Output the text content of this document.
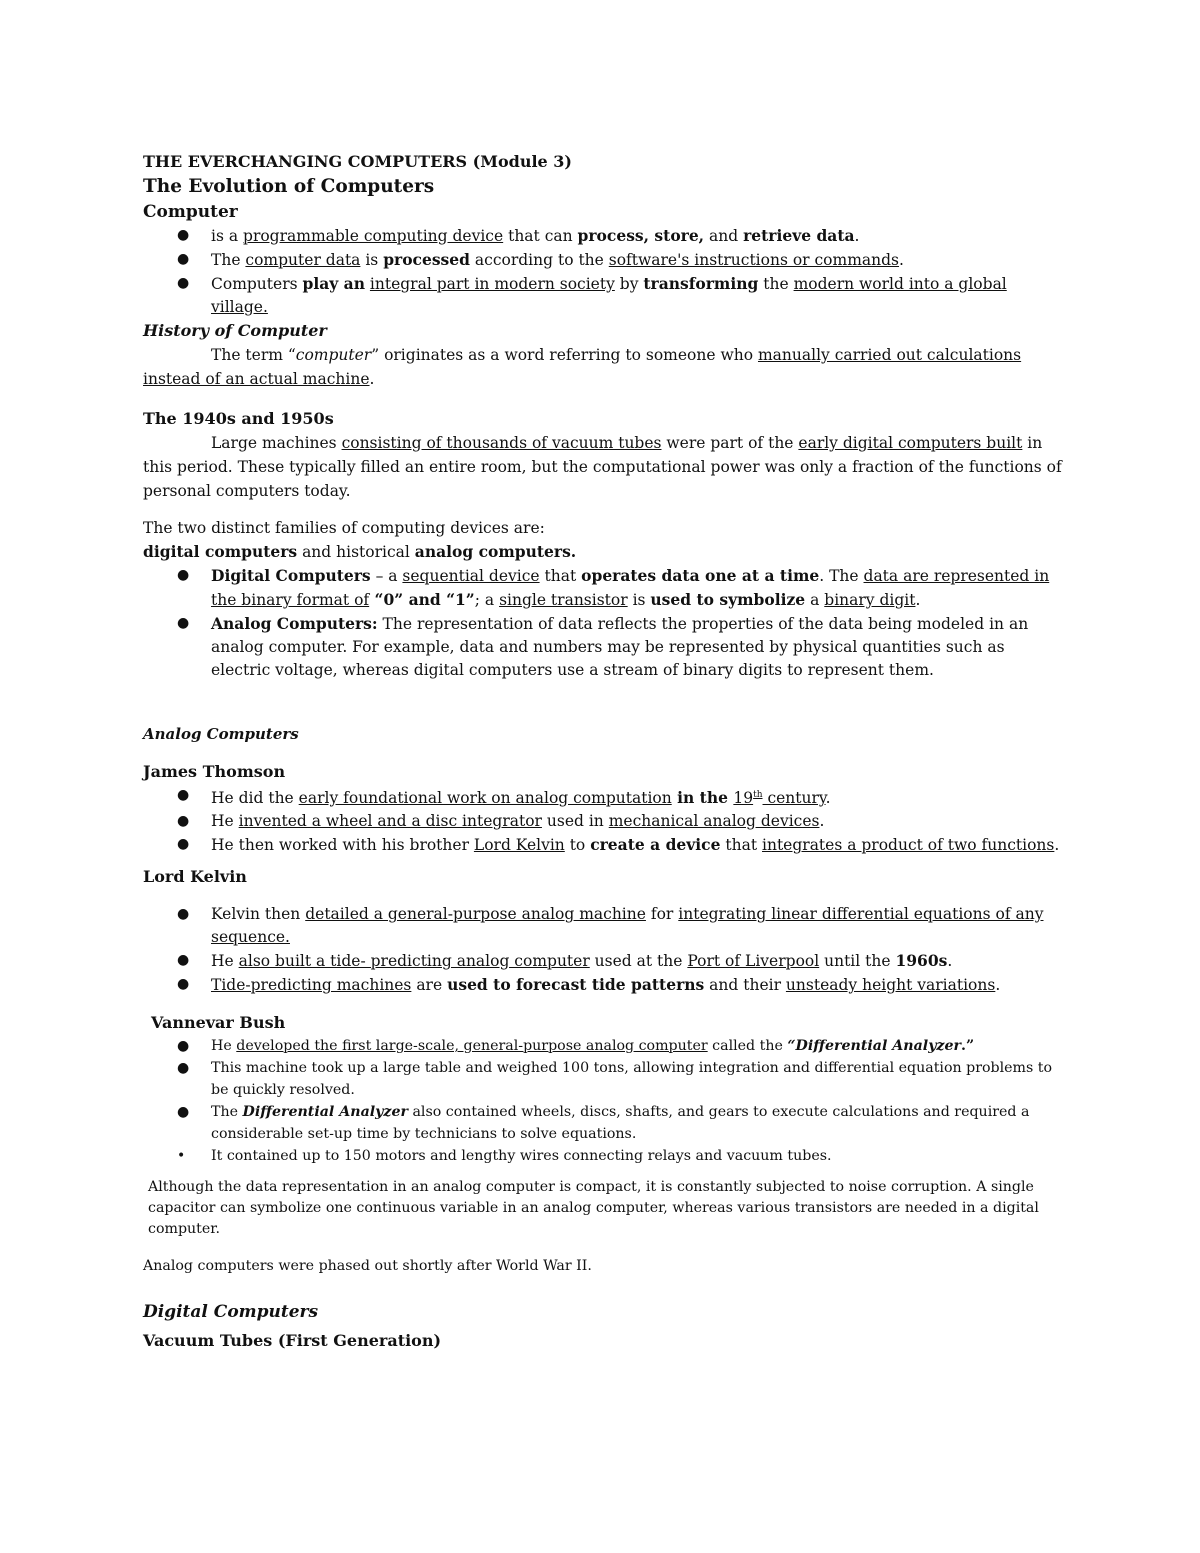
THE EVERCHANGING COMPUTERS (Module 3)
The Evolution of Computers
Computer
● is a programmable computing device that can process, store, and retrieve data.
● The computer data is processed according to the software's instructions or commands.
● Computers play an integral part in modern society by transforming the modern world into a global village.
History of Computer
The term “computer” originates as a word referring to someone who manually carried out calculations instead of an actual machine.
The 1940s and 1950s
Large machines consisting of thousands of vacuum tubes were part of the early digital computers built in this period. These typically filled an entire room, but the computational power was only a fraction of the functions of personal computers today.
The two distinct families of computing devices are:
digital computers and historical analog computers.
● Digital Computers – a sequential device that operates data one at a time. The data are represented in the binary format of “0” and “1”; a single transistor is used to symbolize a binary digit.
● Analog Computers: The representation of data reflects the properties of the data being modeled in an analog computer. For example, data and numbers may be represented by physical quantities such as electric voltage, whereas digital computers use a stream of binary digits to represent them.
Analog Computers
James Thomson
● He did the early foundational work on analog computation in the 19th century.
● He invented a wheel and a disc integrator used in mechanical analog devices.
● He then worked with his brother Lord Kelvin to create a device that integrates a product of two functions.
Lord Kelvin
● Kelvin then detailed a general-purpose analog machine for integrating linear differential equations of any sequence.
● He also built a tide- predicting analog computer used at the Port of Liverpool until the 1960s.
● Tide-predicting machines are used to forecast tide patterns and their unsteady height variations.
Vannevar Bush
● He developed the first large-scale, general-purpose analog computer called the “Differential Analyzer.”
● This machine took up a large table and weighed 100 tons, allowing integration and differential equation problems to be quickly resolved.
● The Differential Analyzer also contained wheels, discs, shafts, and gears to execute calculations and required a considerable set-up time by technicians to solve equations.
• It contained up to 150 motors and lengthy wires connecting relays and vacuum tubes.
Although the data representation in an analog computer is compact, it is constantly subjected to noise corruption. A single capacitor can symbolize one continuous variable in an analog computer, whereas various transistors are needed in a digital computer.
Analog computers were phased out shortly after World War II.
Digital Computers
Vacuum Tubes (First Generation)
